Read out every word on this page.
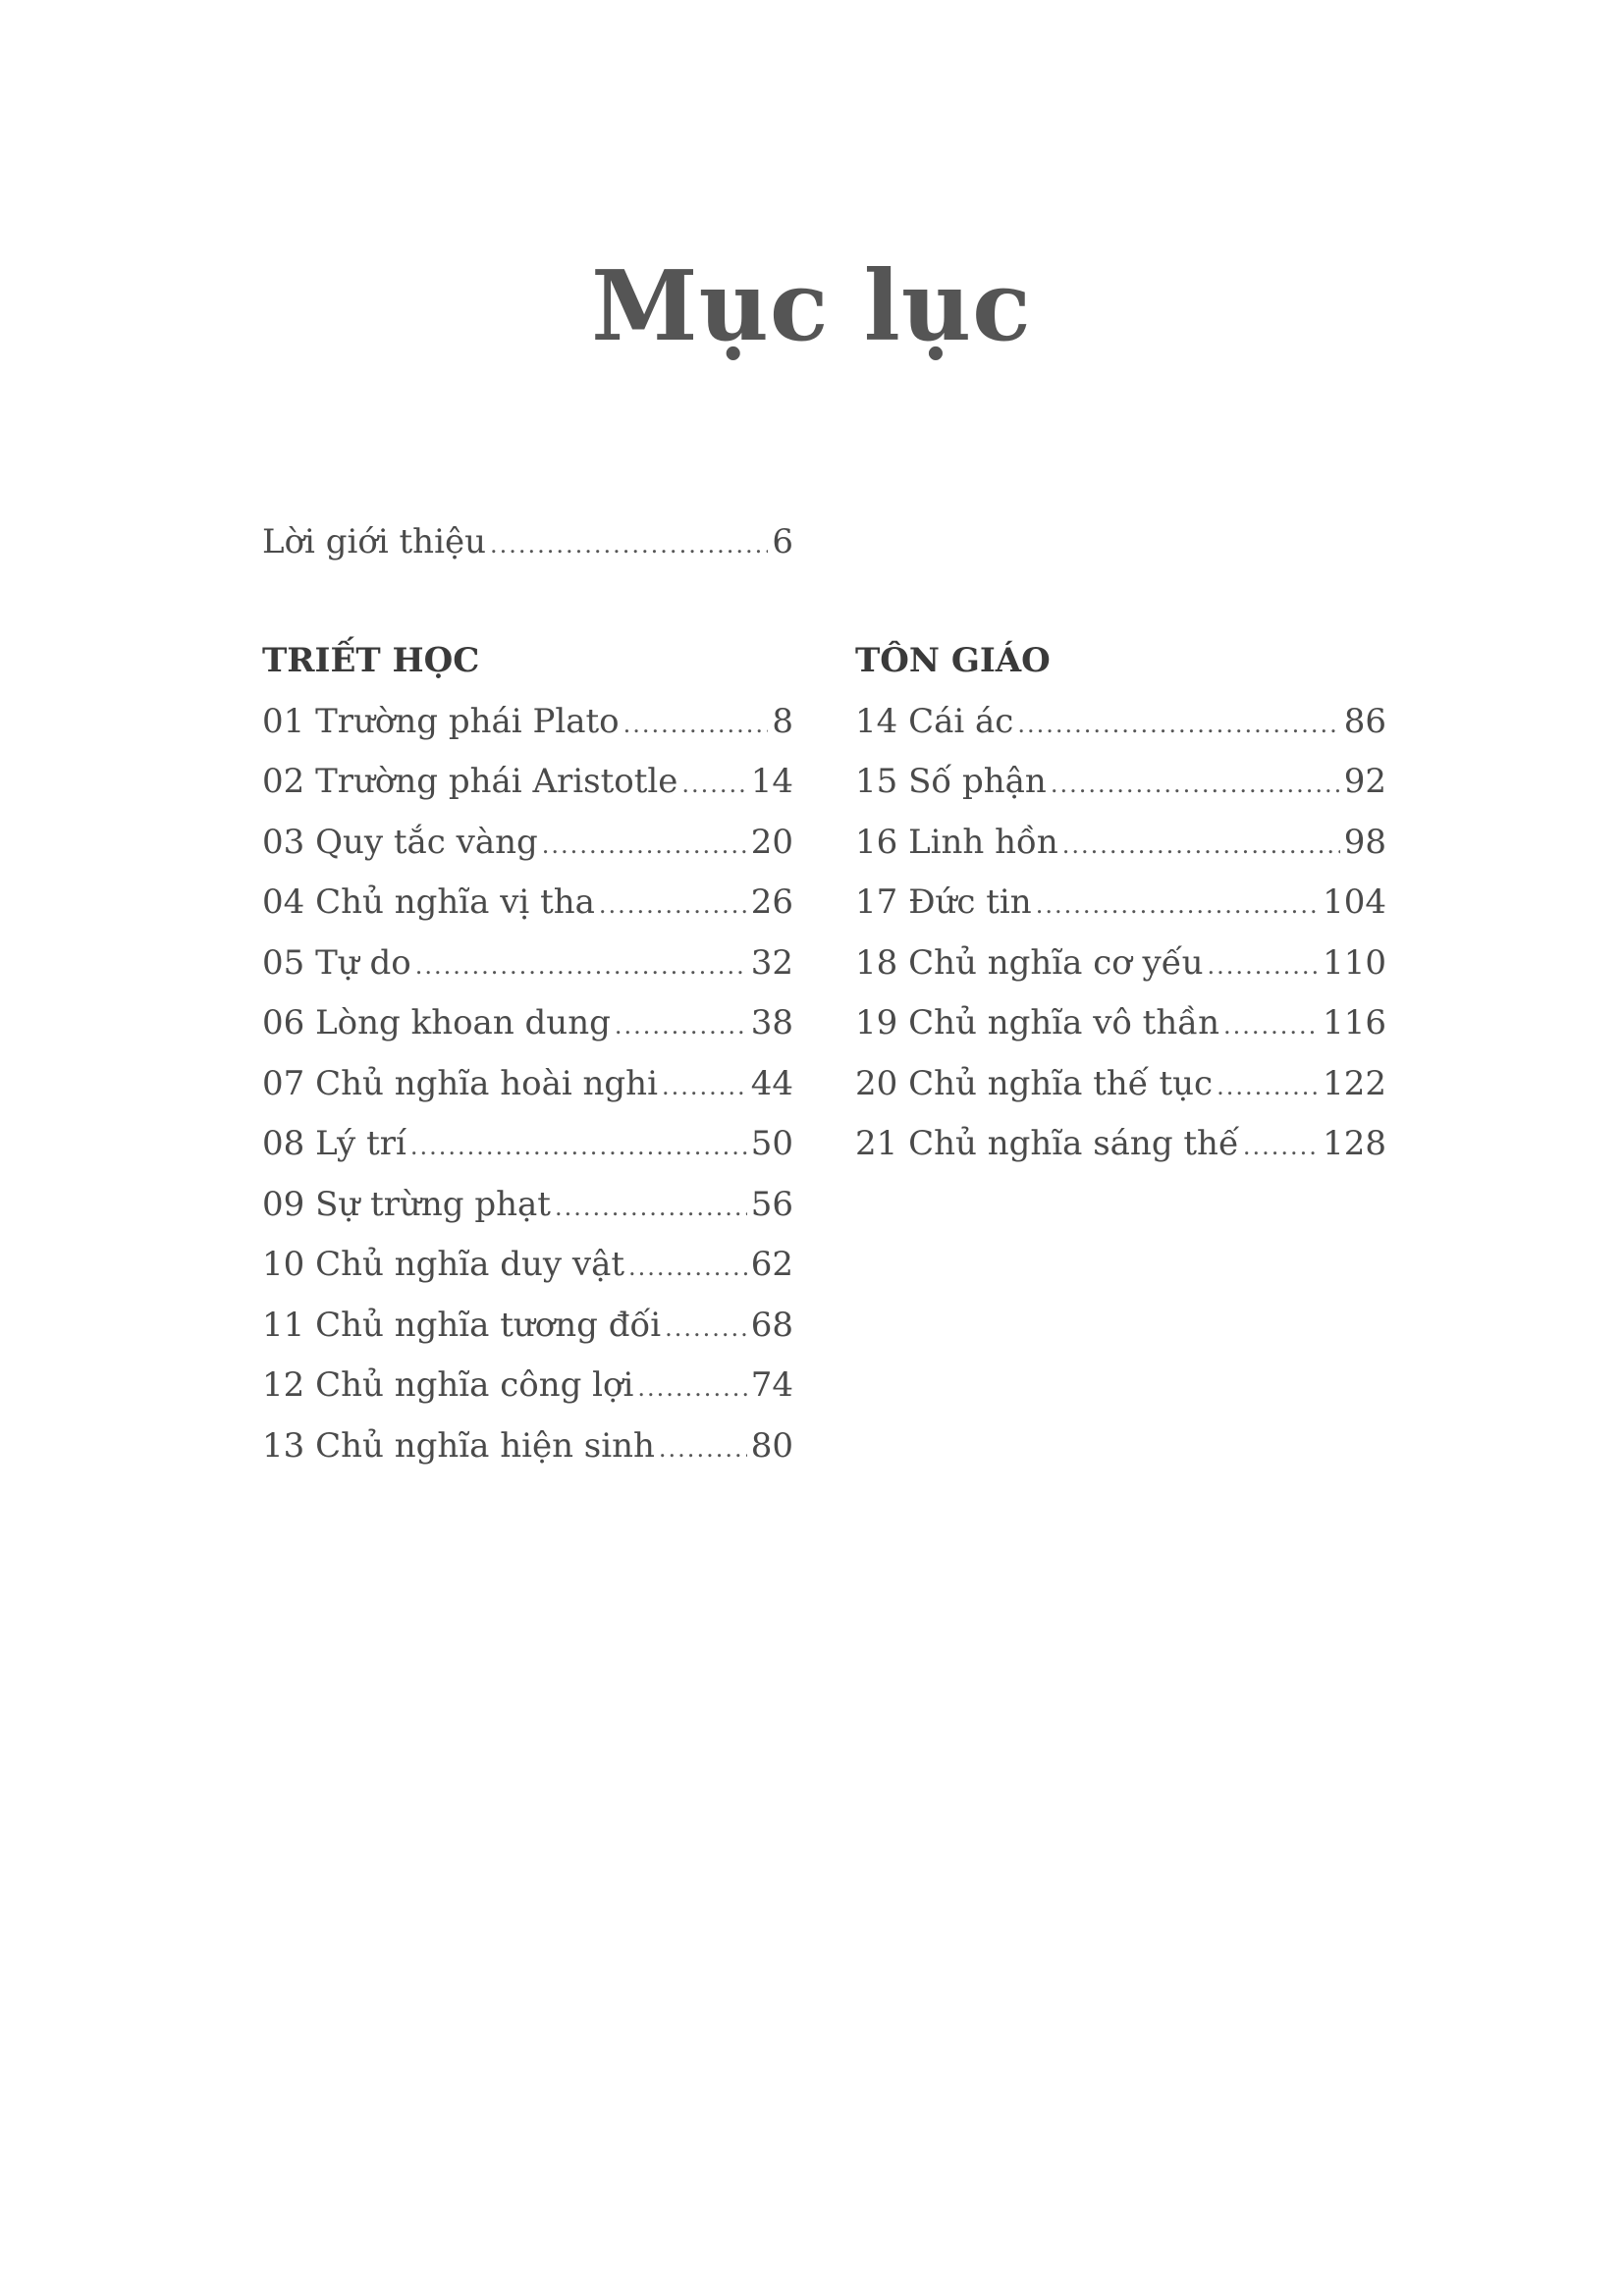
Mục lục
Lời giới thiệu .....	6
TRIẾT HỌC
01 Trường phái Plato .....	8
02 Trường phái Aristotle ..... 14
03 Quy tắc vàng .....	20
04 Chủ nghĩa vị tha .....	26
05 Tự do .....	32
06 Lòng khoan dung .....	38
07 Chủ nghĩa hoài nghi .....	44
08 Lý trí .....	50
09 Sự trừng phạt .....	56
10 Chủ nghĩa duy vật .....	62
11 Chủ nghĩa tương đối .....	68
12 Chủ nghĩa công lợi .....	74
13 Chủ nghĩa hiện sinh .....	80
TÔN GIÁO
14 Cái ác .....	86
15 Số phận .....	92
16 Linh hồn .....	98
17 Đức tin .....	104
18 Chủ nghĩa cơ yếu .....	110
19 Chủ nghĩa vô thần .....	116
20 Chủ nghĩa thế tục .....	122
21 Chủ nghĩa sáng thế .....	128
